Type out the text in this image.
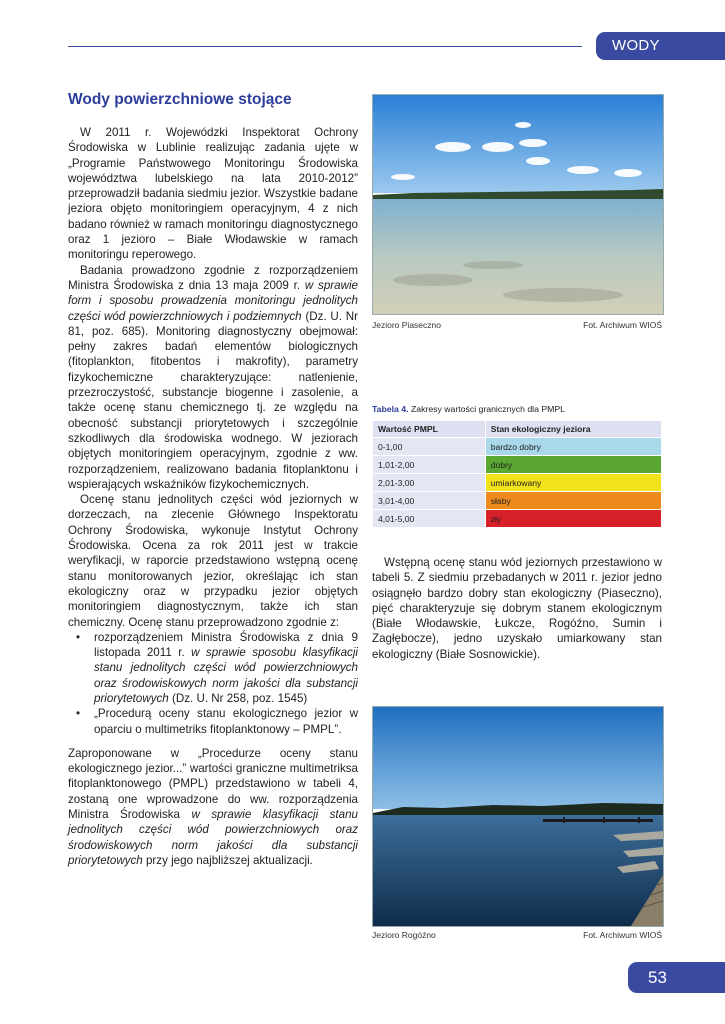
WODY
Wody powierzchniowe stojące

W 2011 r. Wojewódzki Inspektorat Ochrony Środowiska w Lublinie realizując zadania ujęte w „Programie Państwowego Monitoringu Środowiska województwa lubelskiego na lata 2010-2012” przeprowadził badania siedmiu jezior. Wszystkie badane jeziora objęto monitoringiem operacyjnym, 4 z nich badano również w ramach monitoringu diagnostycznego oraz 1 jezioro – Białe Włodawskie w ramach monitoringu reperowego.

Badania prowadzono zgodnie z rozporządzeniem Ministra Środowiska z dnia 13 maja 2009 r. w sprawie form i sposobu prowadzenia monitoringu jednolitych części wód powierzchniowych i podziemnych (Dz. U. Nr 81, poz. 685). Monitoring diagnostyczny obejmował: pełny zakres badań elementów biologicznych (fitoplankton, fitobentos i makrofity), parametry fizykochemiczne charakteryzujące: natlenienie, przezroczystość, substancje biogenne i zasolenie, a także ocenę stanu chemicznego tj. ze względu na obecność substancji priorytetowych i szczególnie szkodliwych dla środowiska wodnego. W jeziorach objętych monitoringiem operacyjnym, zgodnie z ww. rozporządzeniem, realizowano badania fitoplanktonu i wspierających wskaźników fizykochemicznych.

Ocenę stanu jednolitych części wód jeziornych w dorzeczach, na zlecenie Głównego Inspektoratu Ochrony Środowiska, wykonuje Instytut Ochrony Środowiska. Ocena za rok 2011 jest w trakcie weryfikacji, w raporcie przedstawiono wstępną ocenę stanu monitorowanych jezior, określając ich stan ekologiczny oraz w przypadku jezior objętych monitoringiem diagnostycznym, także ich stan chemiczny. Ocenę stanu przeprowadzono zgodnie z:

• rozporządzeniem Ministra Środowiska z dnia 9 listopada 2011 r. w sprawie sposobu klasyfikacji stanu jednolitych części wód powierzchniowych oraz środowiskowych norm jakości dla substancji priorytetowych (Dz. U. Nr 258, poz. 1545)
• „Procedurą oceny stanu ekologicznego jezior w oparciu o multimetriks fitoplanktonowy – PMPL”.

Zaproponowane w „Procedurze oceny stanu ekologicznego jezior...” wartości graniczne multimetriksa fitoplanktonowego (PMPL) przedstawiono w tabeli 4, zostaną one wprowadzone do ww. rozporządzenia Ministra Środowiska w sprawie klasyfikacji stanu jednolitych części wód powierzchniowych oraz środowiskowych norm jakości dla substancji priorytetowych przy jego najbliższej aktualizacji.

Jezioro Piaseczno	Fot. Archiwum WIOŚ
Tabela 4. Zakresy wartości granicznych dla PMPL
Wartość PMPL	Stan ekologiczny jeziora
0-1,00	bardzo dobry
1,01-2,00	dobry
2,01-3,00	umiarkowany
3,01-4,00	słaby
4,01-5,00	zły

Wstępną ocenę stanu wód jeziornych przestawiono w tabeli 5. Z siedmiu przebadanych w 2011 r. jezior jedno osiągnęło bardzo dobry stan ekologiczny (Piaseczno), pięć charakteryzuje się dobrym stanem ekologicznym (Białe Włodawskie, Łukcze, Rogóźno, Sumin i Zagłębocze), jedno uzyskało umiarkowany stan ekologiczny (Białe Sosnowickie).

Jezioro Rogóźno	Fot. Archiwum WIOŚ
53
